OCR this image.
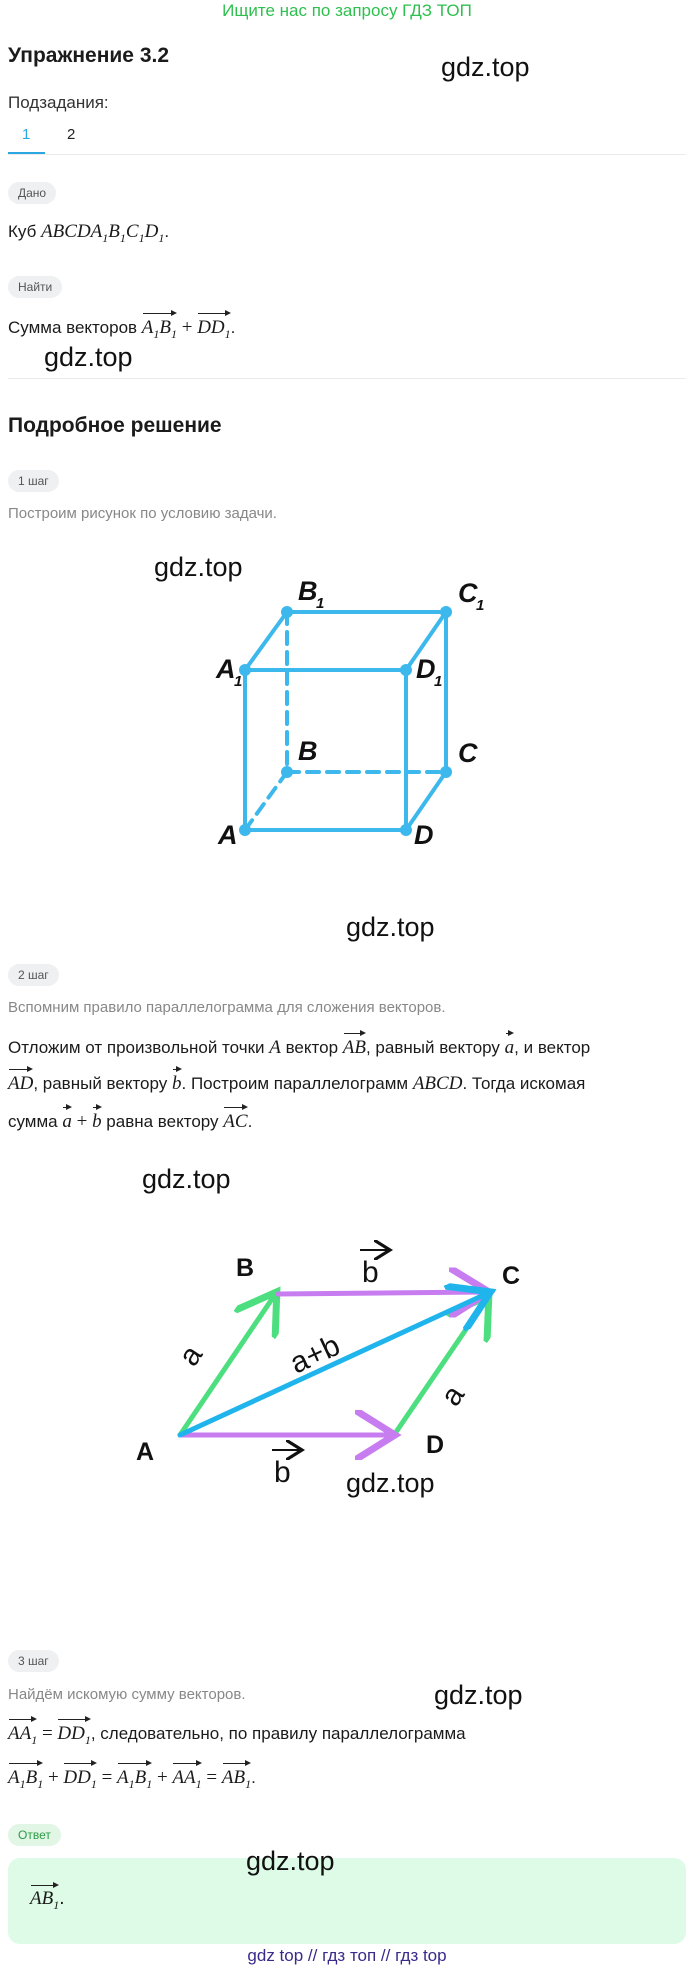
Ищите нас по запросу ГДЗ ТОП
Упражнение 3.2	gdz.top
Подзадания:
1 2
Дано
Куб $ABCDA_1B_1C_1D_1$.
Найти
Сумма векторов $A_1B_1 + DD_1$.
gdz.top
Подробное решение
1 шаг
Построим рисунок по условию задачи.
gdz.top
A
B	C
D
A
1
B
1	C
1
D
1
gdz.top
2 шаг
Вспомним правило параллелограмма для сложения векторов.
Отложим от произвольной точки A вектор AB, равный вектору a, и вектор
AD, равный вектору b. Построим параллелограмм ABCD. Тогда искомая
сумма a + b равна вектору AC.
gdz.top
A
B	C
D
b
b
a
a
a+b
gdz.top
3 шаг
Найдём искомую сумму векторов.	gdz.top
$AA_1 = DD_1$, следовательно, по правилу параллелограмма
$A_1B_1 + DD_1 = A_1B_1 + AA_1 = AB_1$.
Ответ
gdz.top
$AB_1$.
gdz top // гдз топ // гдз top
